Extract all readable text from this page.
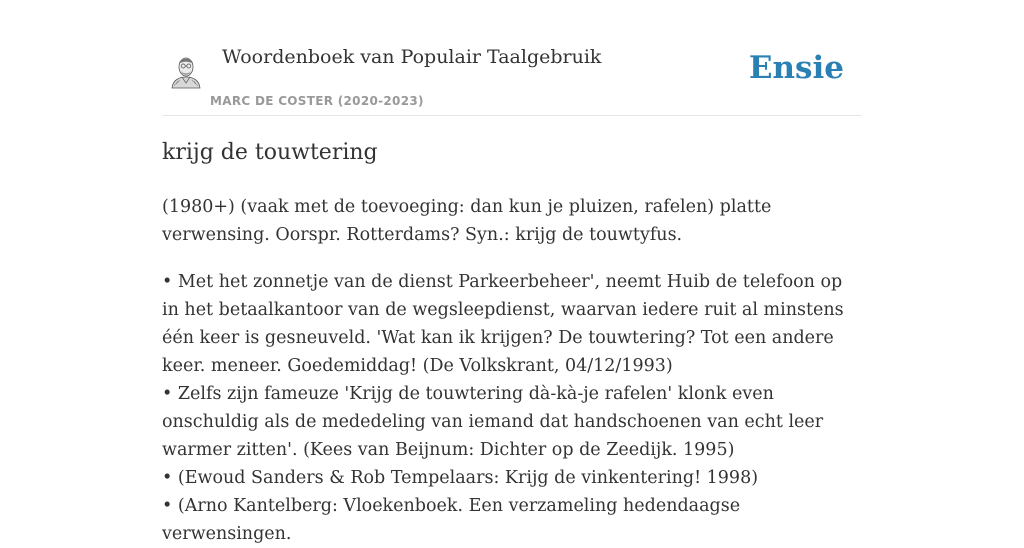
Woordenboek van Populair Taalgebruik
MARC DE COSTER (2020-2023)
Ensie
krijg de touwtering

(1980+) (vaak met de toevoeging: dan kun je pluizen, rafelen) platte verwensing. Oorspr. Rotterdams? Syn.: krijg de touwtyfus.

• Met het zonnetje van de dienst Parkeerbeheer', neemt Huib de telefoon op in het betaalkantoor van de wegsleepdienst, waarvan iedere ruit al minstens één keer is gesneuveld. 'Wat kan ik krijgen? De touwtering? Tot een andere keer. meneer. Goedemiddag! (De Volkskrant, 04/12/1993)
• Zelfs zijn fameuze 'Krijg de touwtering dà-kà-je rafelen' klonk even onschuldig als de mededeling van iemand dat handschoenen van echt leer warmer zitten'. (Kees van Beijnum: Dichter op de Zeedijk. 1995)
• (Ewoud Sanders & Rob Tempelaars: Krijg de vinkentering! 1998)
• (Arno Kantelberg: Vloekenboek. Een verzameling hedendaagse verwensingen.
